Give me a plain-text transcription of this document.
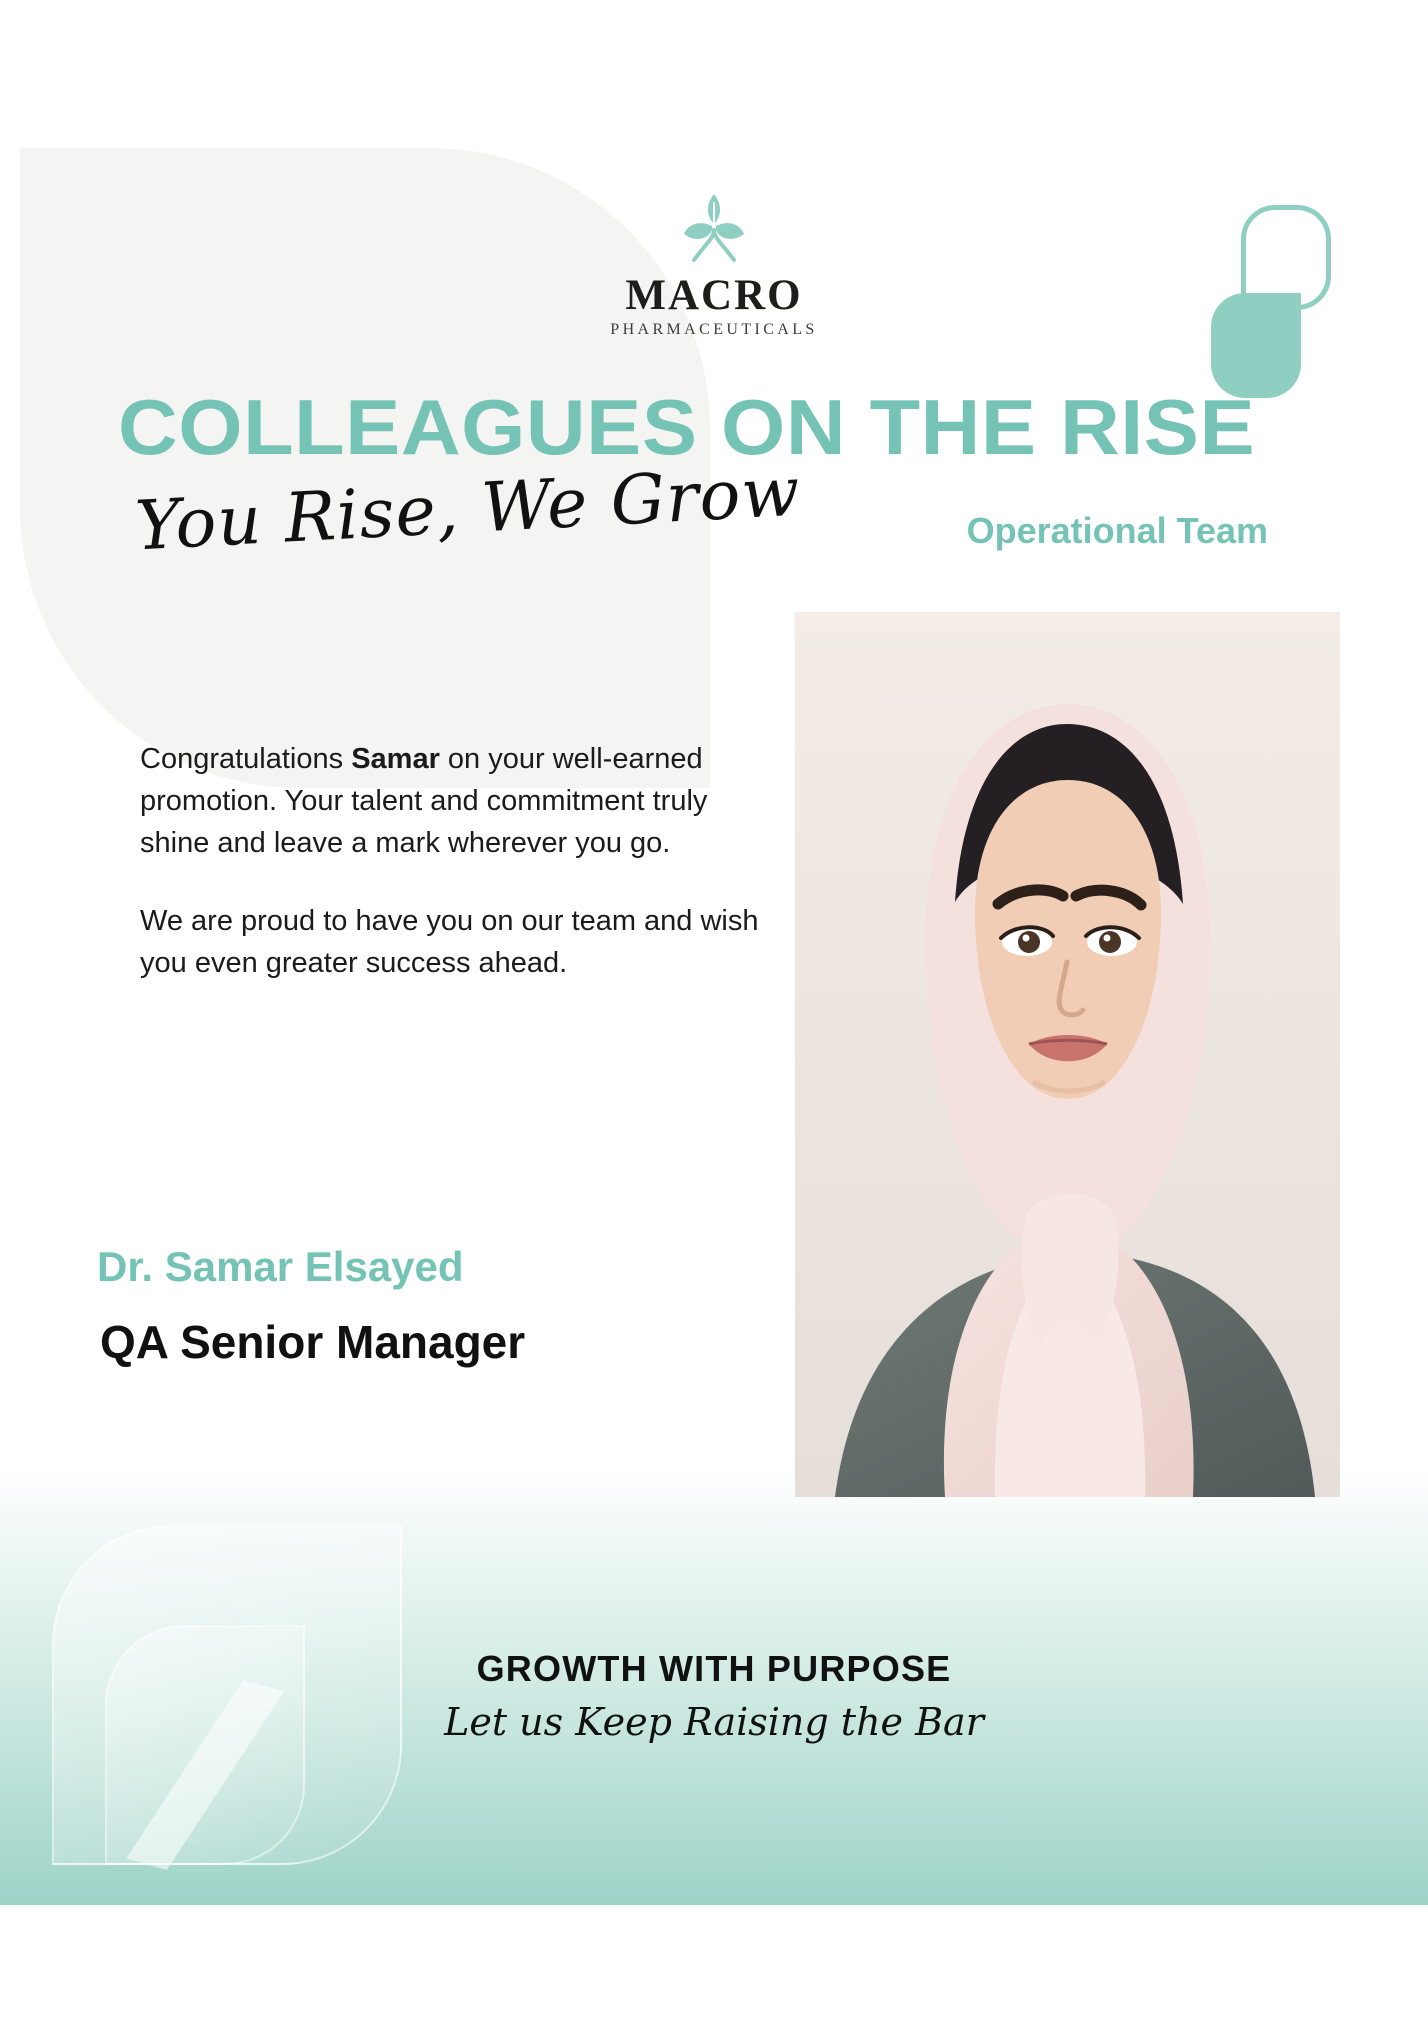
MACRO
PHARMACEUTICALS
COLLEAGUES ON THE RISE
You Rise, We Grow	Operational Team

Congratulations Samar on your well-earned promotion. Your talent and commitment truly shine and leave a mark wherever you go.

We are proud to have you on our team and wish you even greater success ahead.

Dr. Samar Elsayed
QA Senior Manager
GROWTH WITH PURPOSE
Let us Keep Raising the Bar
